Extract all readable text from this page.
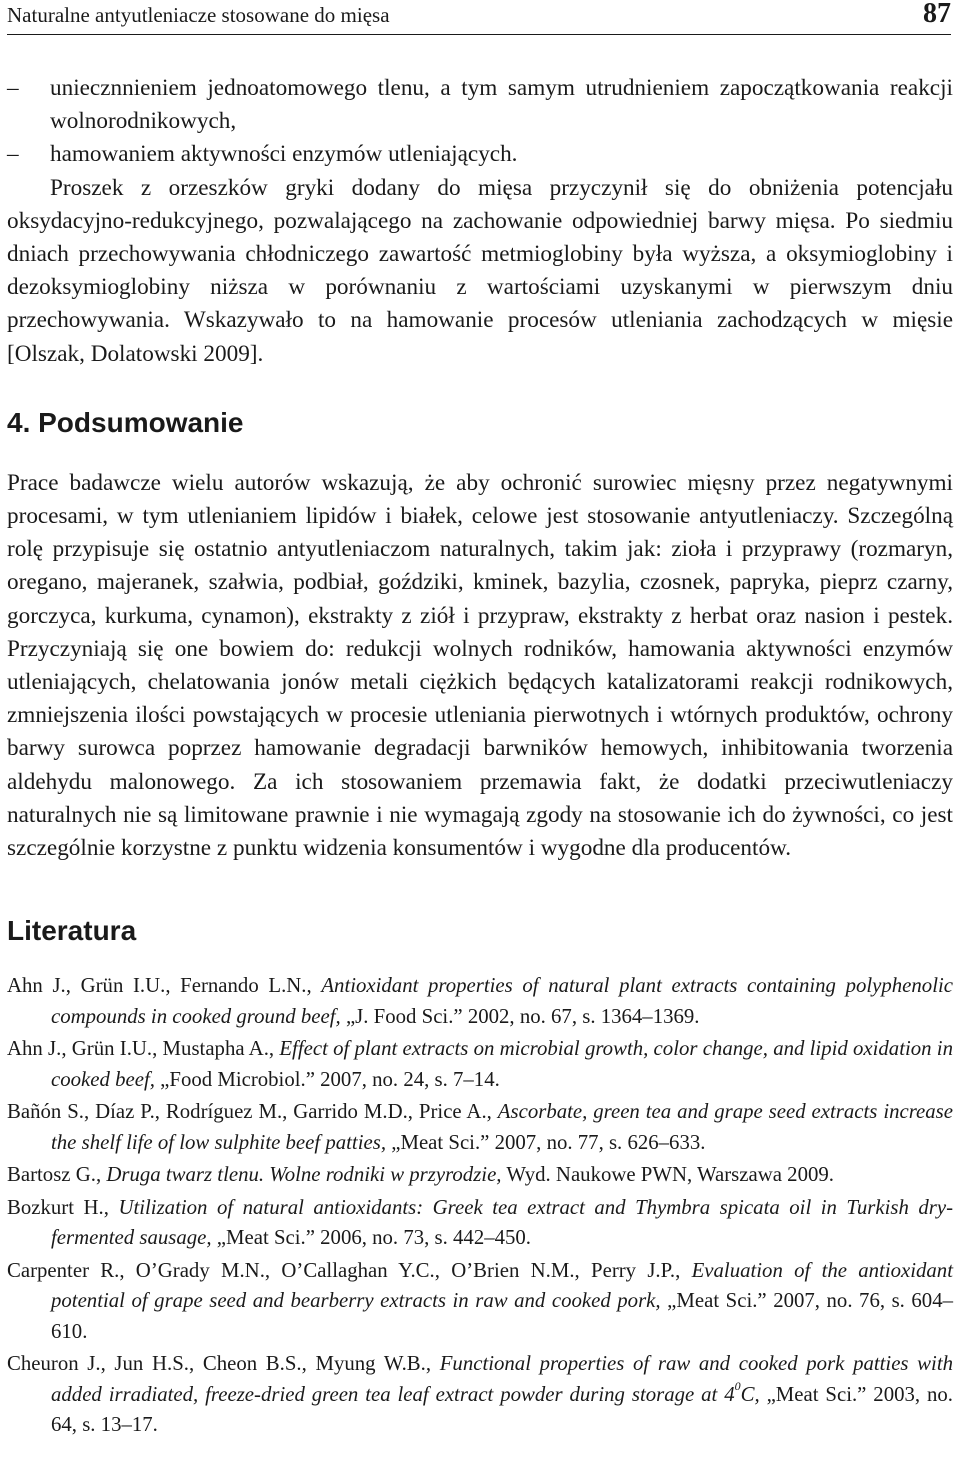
Naturalne antyutleniacze stosowane do mięsa	87
– uniecznnieniem jednoatomowego tlenu, a tym samym utrudnieniem zapoczątkowania reakcji wolnorodnikowych,
– hamowaniem aktywności enzymów utleniających.

Proszek z orzeszków gryki dodany do mięsa przyczynił się do obniżenia potencjału oksydacyjno-redukcyjnego, pozwalającego na zachowanie odpowiedniej barwy mięsa. Po siedmiu dniach przechowywania chłodniczego zawartość metmioglobiny była wyższa, a oksymioglobiny i dezoksymioglobiny niższa w porównaniu z wartościami uzyskanymi w pierwszym dniu przechowywania. Wskazywało to na hamowanie procesów utleniania zachodzących w mięsie [Olszak, Dolatowski 2009].

4. Podsumowanie

Prace badawcze wielu autorów wskazują, że aby ochronić surowiec mięsny przez negatywnymi procesami, w tym utlenianiem lipidów i białek, celowe jest stosowanie antyutleniaczy. Szczególną rolę przypisuje się ostatnio antyutleniaczom naturalnych, takim jak: zioła i przyprawy (rozmaryn, oregano, majeranek, szałwia, podbiał, goździki, kminek, bazylia, czosnek, papryka, pieprz czarny, gorczyca, kurkuma, cynamon), ekstrakty z ziół i przypraw, ekstrakty z herbat oraz nasion i pestek. Przyczyniają się one bowiem do: redukcji wolnych rodników, hamowania aktywności enzymów utleniających, chelatowania jonów metali ciężkich będących katalizatorami reakcji rodnikowych, zmniejszenia ilości powstających w procesie utleniania pierwotnych i wtórnych produktów, ochrony barwy surowca poprzez hamowanie degradacji barwników hemowych, inhibitowania tworzenia aldehydu malonowego. Za ich stosowaniem przemawia fakt, że dodatki przeciwutleniaczy naturalnych nie są limitowane prawnie i nie wymagają zgody na stosowanie ich do żywności, co jest szczególnie korzystne z punktu widzenia konsumentów i wygodne dla producentów.

Literatura

Ahn J., Grün I.U., Fernando L.N., Antioxidant properties of natural plant extracts containing polyphenolic compounds in cooked ground beef, „J. Food Sci.” 2002, no. 67, s. 1364–1369.

Ahn J., Grün I.U., Mustapha A., Effect of plant extracts on microbial growth, color change, and lipid oxidation in cooked beef, „Food Microbiol.” 2007, no. 24, s. 7–14.

Bañón S., Díaz P., Rodríguez M., Garrido M.D., Price A., Ascorbate, green tea and grape seed extracts increase the shelf life of low sulphite beef patties, „Meat Sci.” 2007, no. 77, s. 626–633.

Bartosz G., Druga twarz tlenu. Wolne rodniki w przyrodzie, Wyd. Naukowe PWN, Warszawa 2009.

Bozkurt H., Utilization of natural antioxidants: Greek tea extract and Thymbra spicata oil in Turkish dry-fermented sausage, „Meat Sci.” 2006, no. 73, s. 442–450.

Carpenter R., O’Grady M.N., O’Callaghan Y.C., O’Brien N.M., Perry J.P., Evaluation of the antioxidant potential of grape seed and bearberry extracts in raw and cooked pork, „Meat Sci.” 2007, no. 76, s. 604–610.

Cheuron J., Jun H.S., Cheon B.S., Myung W.B., Functional properties of raw and cooked pork patties with added irradiated, freeze-dried green tea leaf extract powder during storage at $4^0C$, „Meat Sci.” 2003, no. 64, s. 13–17.
